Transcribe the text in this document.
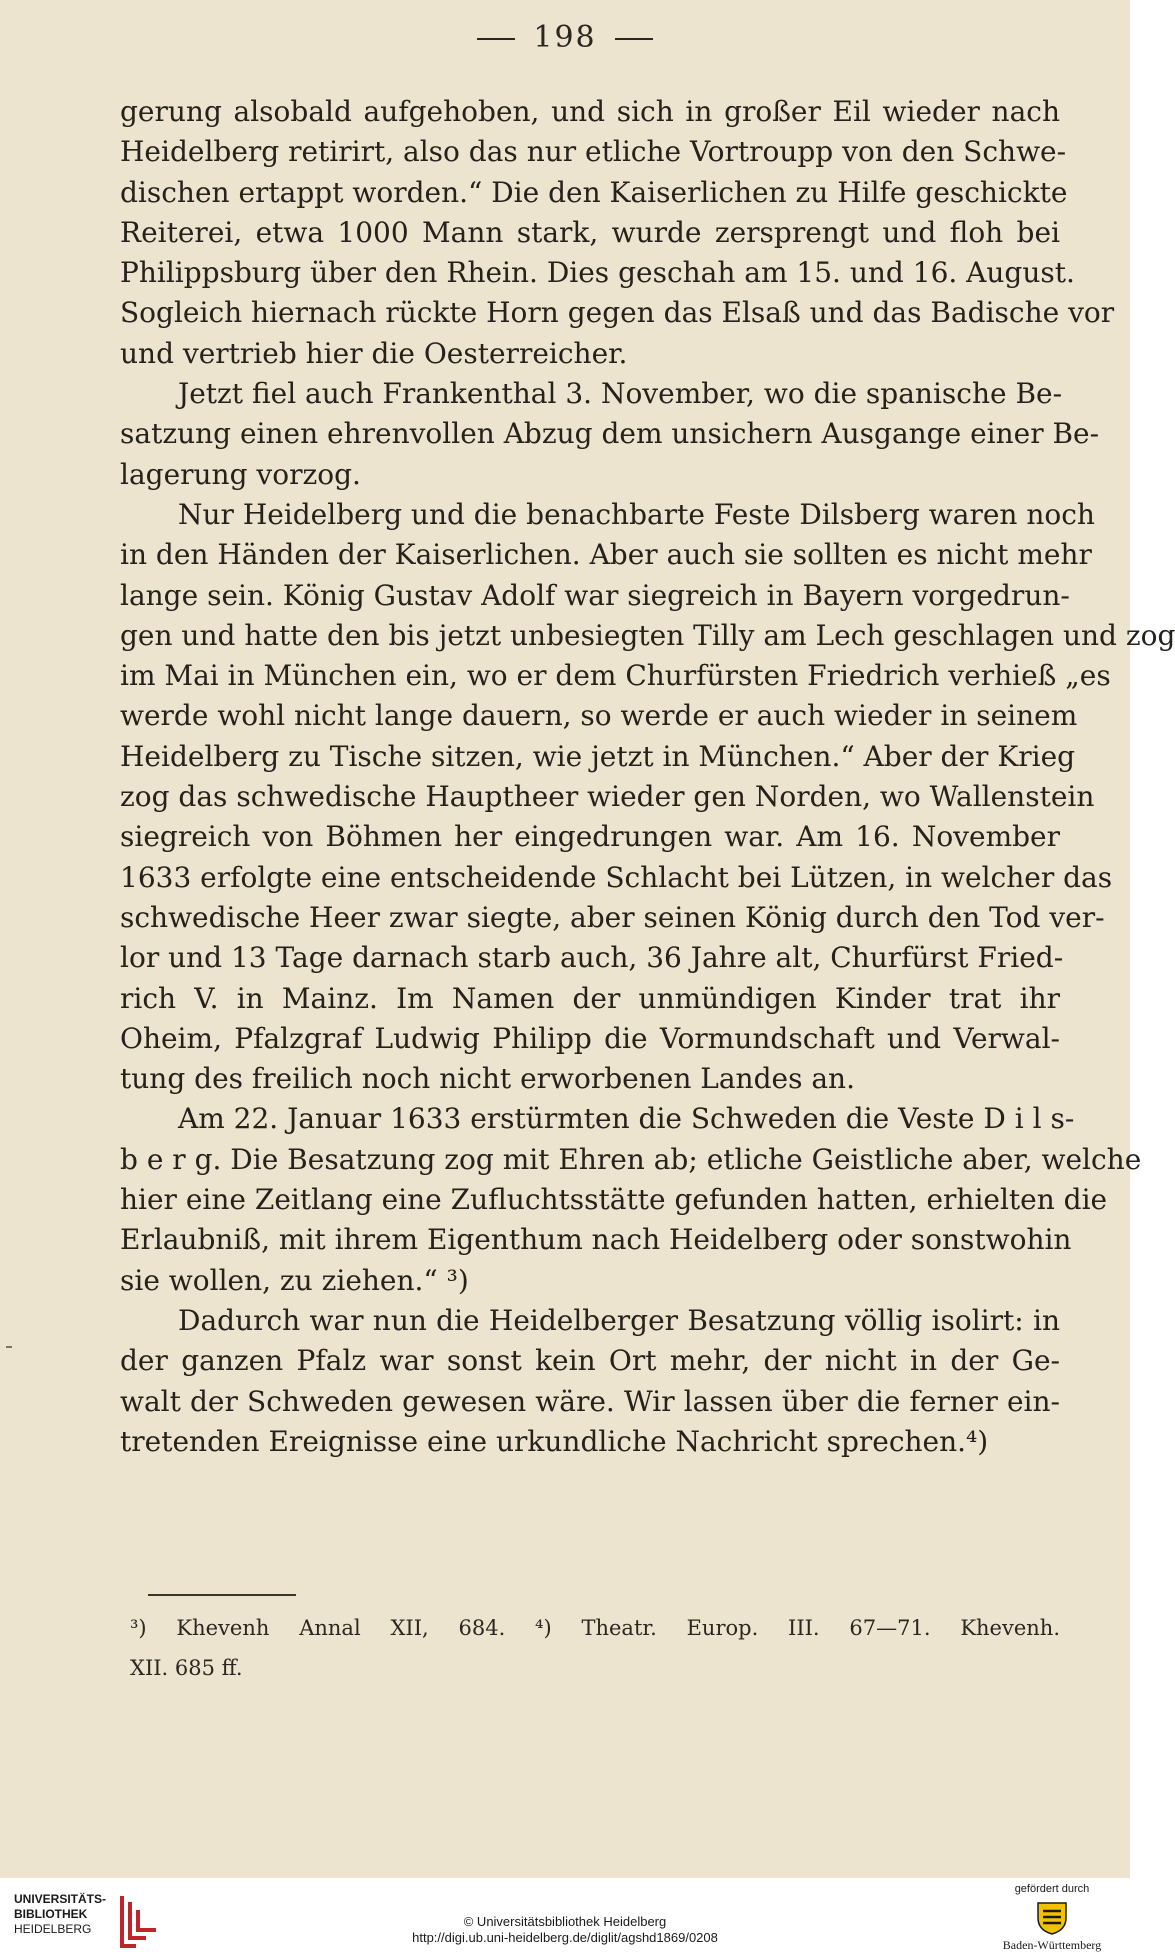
198
gerung alsobald aufgehoben, und sich in großer Eil wieder nach
Heidelberg retirirt, also das nur etliche Vortroupp von den Schwe-
dischen ertappt worden.“ Die den Kaiserlichen zu Hilfe geschickte
Reiterei, etwa 1000 Mann stark, wurde zersprengt und floh bei
Philippsburg über den Rhein. Dies geschah am 15. und 16. August.
Sogleich hiernach rückte Horn gegen das Elsaß und das Badische vor
und vertrieb hier die Oesterreicher.
Jetzt fiel auch Frankenthal 3. November, wo die spanische Be-
satzung einen ehrenvollen Abzug dem unsichern Ausgange einer Be-
lagerung vorzog.
Nur Heidelberg und die benachbarte Feste Dilsberg waren noch
in den Händen der Kaiserlichen. Aber auch sie sollten es nicht mehr
lange sein. König Gustav Adolf war siegreich in Bayern vorgedrun-
gen und hatte den bis jetzt unbesiegten Tilly am Lech geschlagen und zog
im Mai in München ein, wo er dem Churfürsten Friedrich verhieß „es
werde wohl nicht lange dauern, so werde er auch wieder in seinem
Heidelberg zu Tische sitzen, wie jetzt in München.“ Aber der Krieg
zog das schwedische Hauptheer wieder gen Norden, wo Wallenstein
siegreich von Böhmen her eingedrungen war. Am 16. November
1633 erfolgte eine entscheidende Schlacht bei Lützen, in welcher das
schwedische Heer zwar siegte, aber seinen König durch den Tod ver-
lor und 13 Tage darnach starb auch, 36 Jahre alt, Churfürst Fried-
rich V. in Mainz. Im Namen der unmündigen Kinder trat ihr
Oheim, Pfalzgraf Ludwig Philipp die Vormundschaft und Verwal-
tung des freilich noch nicht erworbenen Landes an.
Am 22. Januar 1633 erstürmten die Schweden die Veste D i l s-
b e r g. Die Besatzung zog mit Ehren ab; etliche Geistliche aber, welche
hier eine Zeitlang eine Zufluchtsstätte gefunden hatten, erhielten die
Erlaubniß, mit ihrem Eigenthum nach Heidelberg oder sonstwohin
sie wollen, zu ziehen.“ ³)
Dadurch war nun die Heidelberger Besatzung völlig isolirt: in
der ganzen Pfalz war sonst kein Ort mehr, der nicht in der Ge-
walt der Schweden gewesen wäre. Wir lassen über die ferner ein-
tretenden Ereignisse eine urkundliche Nachricht sprechen.⁴)
³) Khevenh Annal XII, 684. ⁴) Theatr. Europ. III. 67—71. Khevenh.
XII. 685 ff.
UNIVERSITÄTS-
BIBLIOTHEK
HEIDELBERG	© Universitätsbibliothek Heidelberg
http://digi.ub.uni-heidelberg.de/diglit/agshd1869/0208
gefördert durch
Baden-Württemberg
